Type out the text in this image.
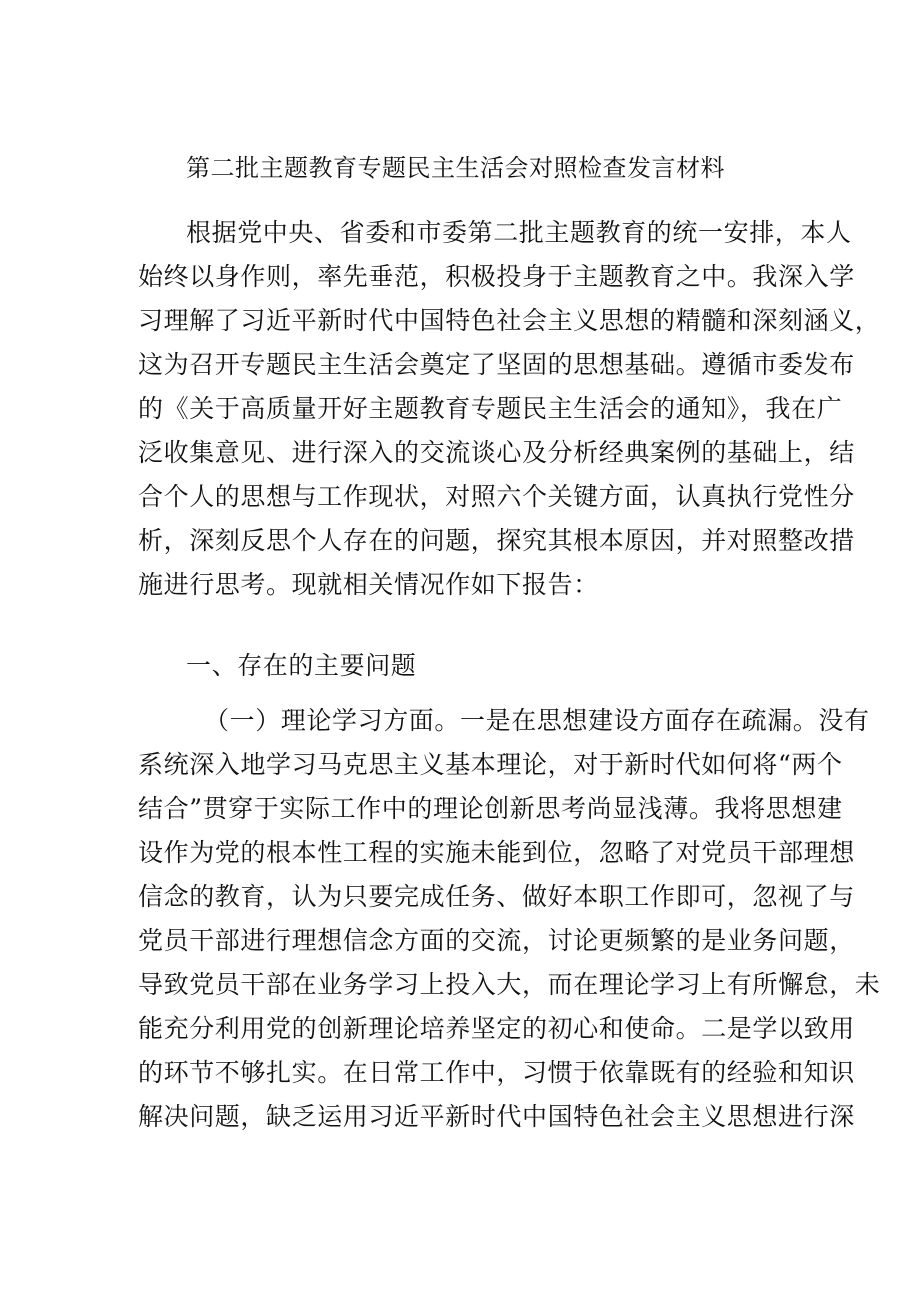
第二批主题教育专题民主生活会对照检查发言材料
根据党中央、省委和市委第二批主题教育的统一安排，本人
始终以身作则，率先垂范，积极投身于主题教育之中。我深入学
习理解了习近平新时代中国特色社会主义思想的精髓和深刻涵义，
这为召开专题民主生活会奠定了坚固的思想基础。遵循市委发布
的《关于高质量开好主题教育专题民主生活会的通知》，我在广
泛收集意见、进行深入的交流谈心及分析经典案例的基础上，结
合个人的思想与工作现状，对照六个关键方面，认真执行党性分
析，深刻反思个人存在的问题，探究其根本原因，并对照整改措
施进行思考。现就相关情况作如下报告：
一、存在的主要问题
（一）理论学习方面。一是在思想建设方面存在疏漏。没有
系统深入地学习马克思主义基本理论，对于新时代如何将“两个
结合”贯穿于实际工作中的理论创新思考尚显浅薄。我将思想建
设作为党的根本性工程的实施未能到位，忽略了对党员干部理想
信念的教育，认为只要完成任务、做好本职工作即可，忽视了与
党员干部进行理想信念方面的交流，讨论更频繁的是业务问题，
导致党员干部在业务学习上投入大，而在理论学习上有所懈怠，未
能充分利用党的创新理论培养坚定的初心和使命。二是学以致用
的环节不够扎实。在日常工作中，习惯于依靠既有的经验和知识
解决问题，缺乏运用习近平新时代中国特色社会主义思想进行深
